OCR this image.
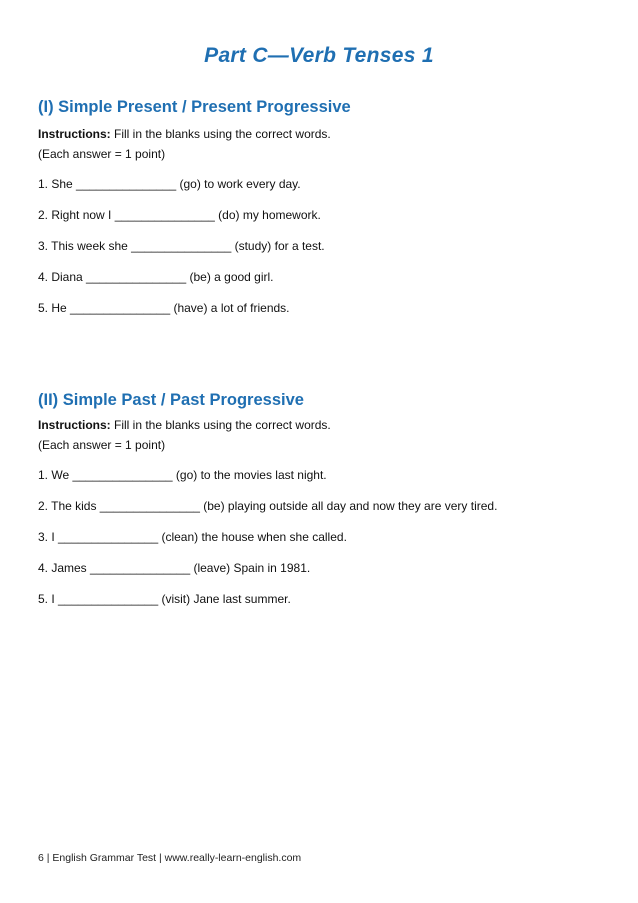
Part C—Verb Tenses 1
(I) Simple Present / Present Progressive
Instructions: Fill in the blanks using the correct words.
(Each answer = 1 point)
1. She _______________ (go) to work every day.
2. Right now I _______________ (do) my homework.
3. This week she _______________ (study) for a test.
4. Diana _______________ (be) a good girl.
5. He _______________ (have) a lot of friends.
(II) Simple Past / Past Progressive
Instructions: Fill in the blanks using the correct words.
(Each answer = 1 point)
1. We _______________ (go) to the movies last night.
2. The kids _______________ (be) playing outside all day and now they are very tired.
3. I _______________ (clean) the house when she called.
4. James _______________ (leave) Spain in 1981.
5. I _______________ (visit) Jane last summer.
6 | English Grammar Test | www.really-learn-english.com
